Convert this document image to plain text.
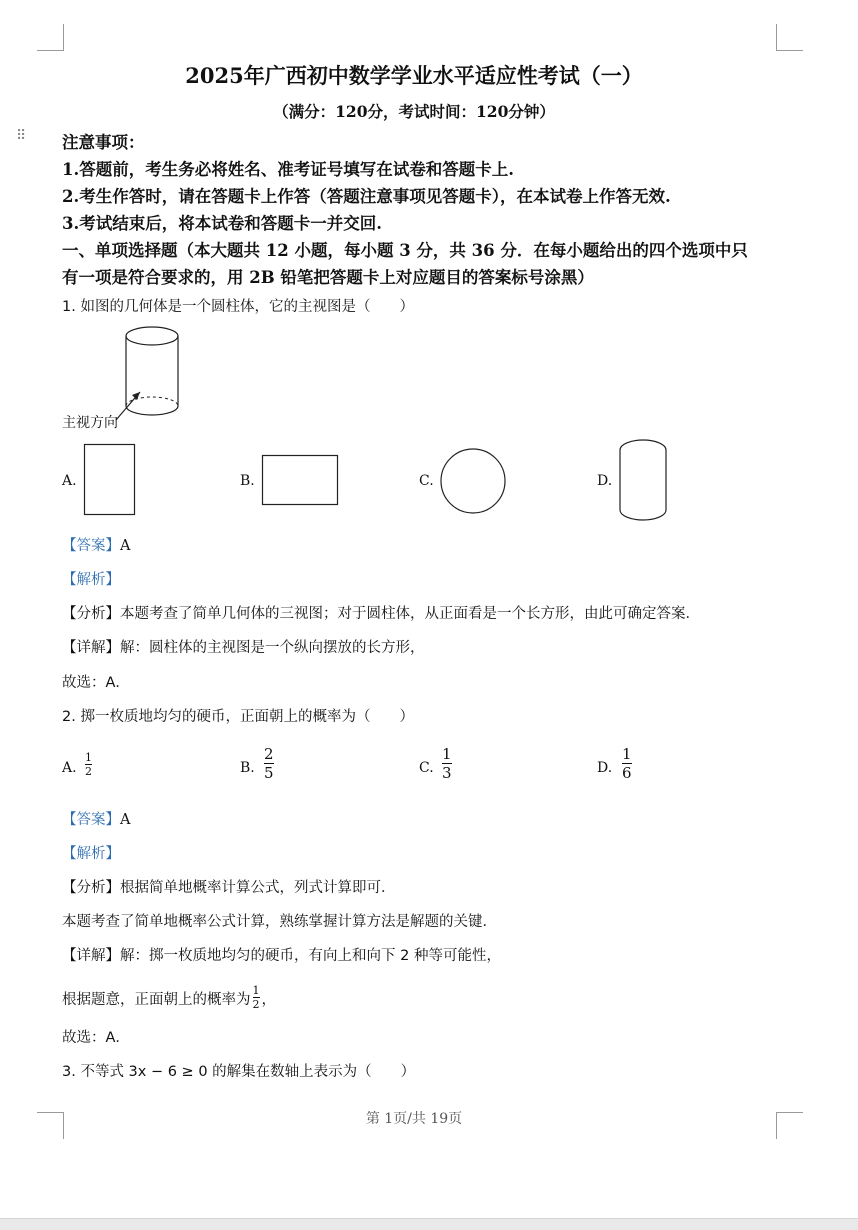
⠿
2025年广西初中数学学业水平适应性考试（一）
（满分：120分，考试时间：120分钟）
注意事项：
1.答题前，考生务必将姓名、准考证号填写在试卷和答题卡上.
2.考生作答时，请在答题卡上作答（答题注意事项见答题卡），在本试卷上作答无效.
3.考试结束后，将本试卷和答题卡一并交回.
一、单项选择题（本大题共 12 小题，每小题 3 分，共 36 分．在每小题给出的四个选项中只
有一项是符合要求的，用 2B 铅笔把答题卡上对应题目的答案标号涂黑）
1. 如图的几何体是一个圆柱体，它的主视图是（　　）
主视方向
A.	B.	C.	D.
【答案】A
【解析】
【分析】本题考查了简单几何体的三视图；对于圆柱体，从正面看是一个长方形，由此可确定答案．
【详解】解：圆柱体的主视图是一个纵向摆放的长方形，
故选：A．
2. 掷一枚质地均匀的硬币，正面朝上的概率为（　　）
A.
1
2	B.
2
5	C.
1
3	D.
1
6
【答案】A
【解析】
【分析】根据简单地概率计算公式，列式计算即可．
本题考查了简单地概率公式计算，熟练掌握计算方法是解题的关键．
【详解】解：掷一枚质地均匀的硬币，有向上和向下 2 种等可能性，
根据题意，正面朝上的概率为 $\frac{1}{2}$ ，
故选：A．
3. 不等式 3x − 6 ≥ 0 的解集在数轴上表示为（　　）
第 1页/共 19页
